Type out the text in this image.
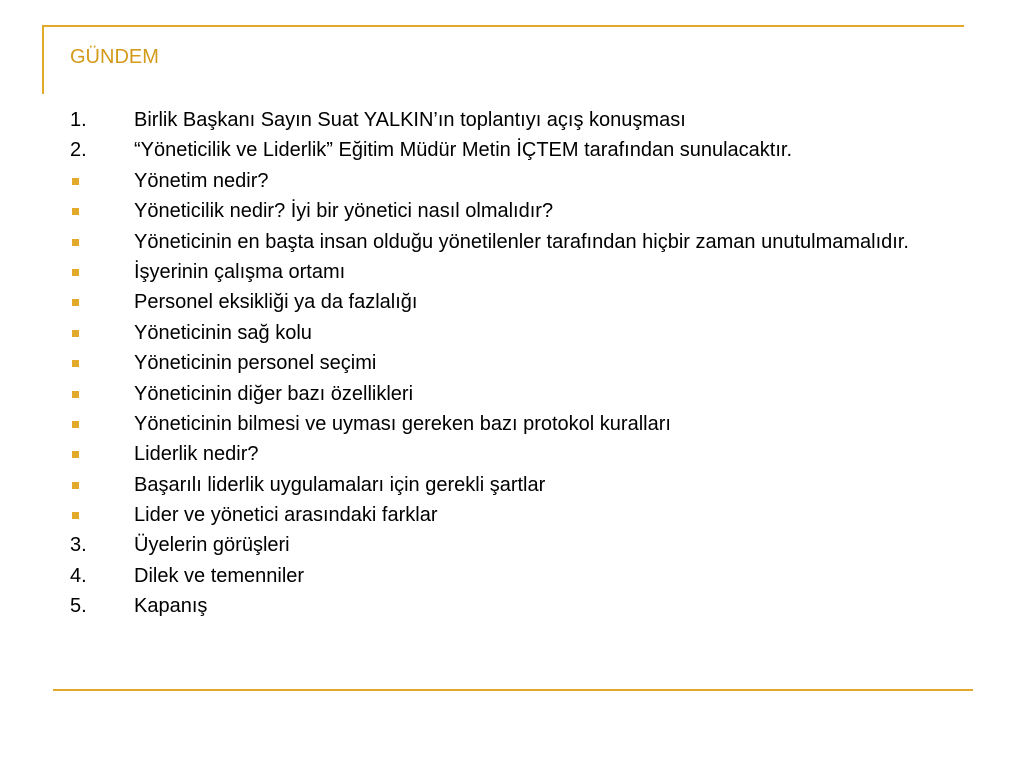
GÜNDEM
1.	Birlik Başkanı Sayın Suat YALKIN’ın toplantıyı açış konuşması
2.	“Yöneticilik ve Liderlik” Eğitim Müdür Metin İÇTEM tarafından sunulacaktır.
Yönetim nedir?
Yöneticilik nedir? İyi bir yönetici nasıl olmalıdır?
Yöneticinin en başta insan olduğu yönetilenler tarafından hiçbir zaman unutulmamalıdır.
İşyerinin çalışma ortamı
Personel eksikliği ya da fazlalığı
Yöneticinin sağ kolu
Yöneticinin personel seçimi
Yöneticinin diğer bazı özellikleri
Yöneticinin bilmesi ve uyması gereken bazı protokol kuralları
Liderlik nedir?
Başarılı liderlik uygulamaları için gerekli şartlar
Lider ve yönetici arasındaki farklar
3.	Üyelerin görüşleri
4.	Dilek ve temenniler
5.	Kapanış
